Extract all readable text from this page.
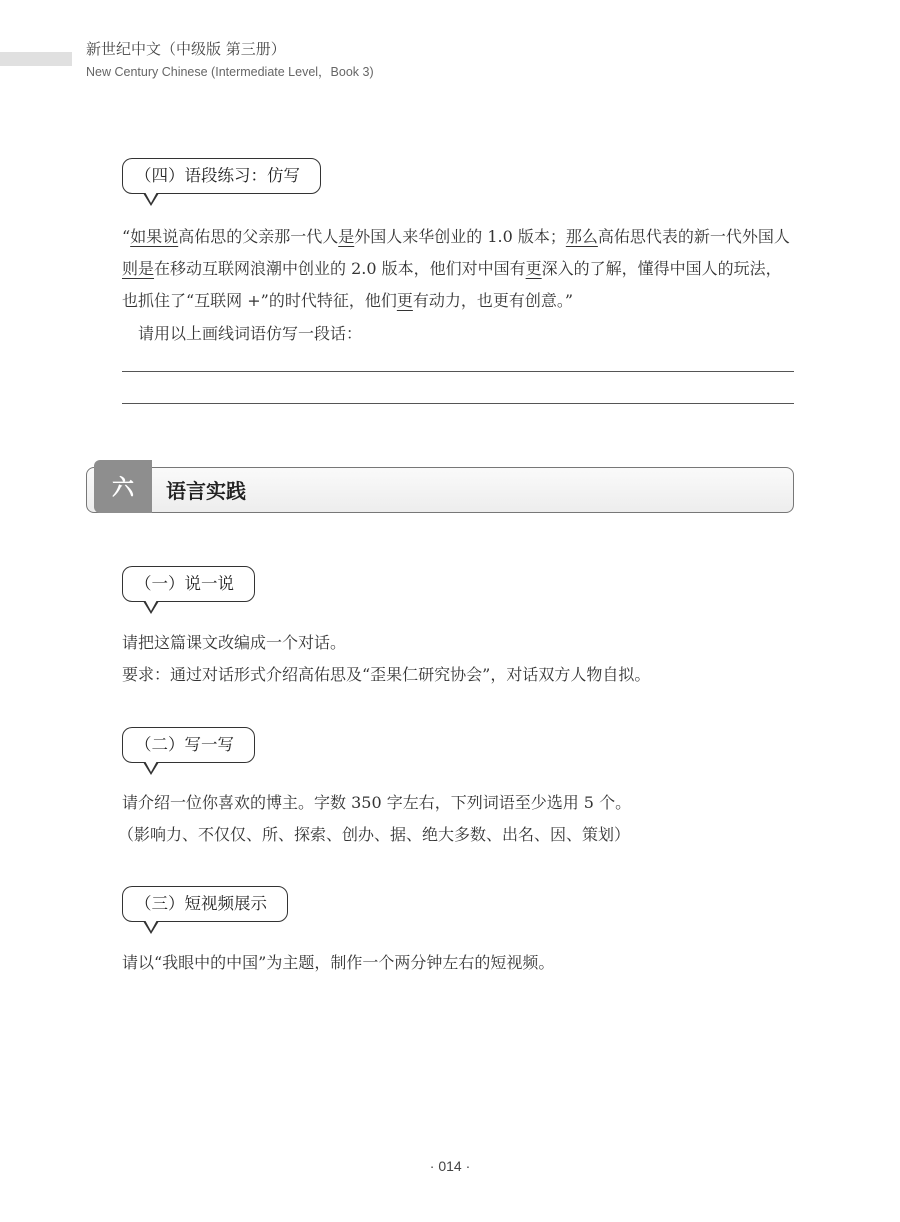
新世纪中文（中级版 第三册）
New Century Chinese (Intermediate Level，Book 3)
（四）语段练习：仿写

“如果说高佑思的父亲那一代人是外国人来华创业的 1.0 版本；那么高佑思代表的新一代外国人则是在移动互联网浪潮中创业的 2.0 版本，他们对中国有更深入的了解，懂得中国人的玩法，也抓住了“互联网 +”的时代特征，他们更有动力，也更有创意。”

请用以上画线词语仿写一段话：
六	语言实践
（一）说一说
请把这篇课文改编成一个对话。
要求：通过对话形式介绍高佑思及“歪果仁研究协会”，对话双方人物自拟。
（二）写一写
请介绍一位你喜欢的博主。字数 350 字左右，下列词语至少选用 5 个。
（影响力、不仅仅、所、探索、创办、据、绝大多数、出名、因、策划）
（三）短视频展示
请以“我眼中的中国”为主题，制作一个两分钟左右的短视频。
· 014 ·
